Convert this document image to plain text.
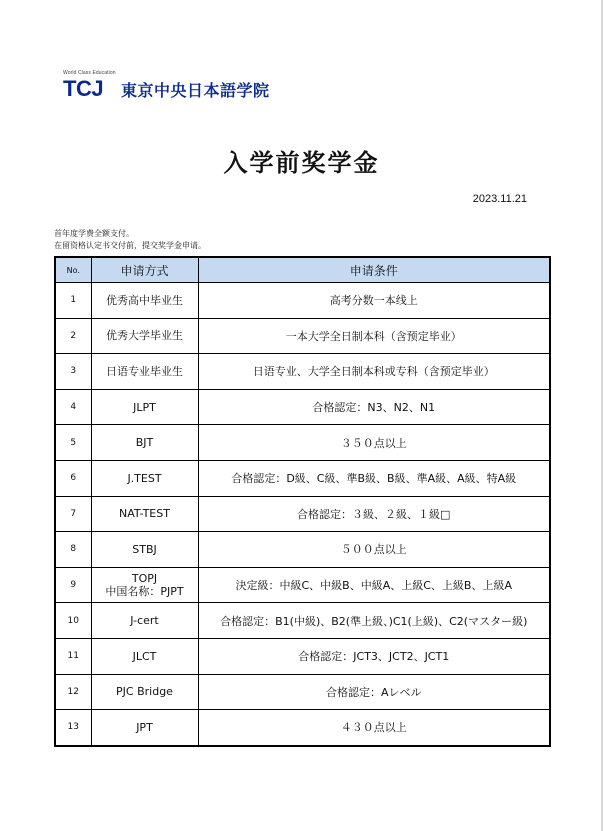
World Class Education
TCJ 東京中央日本語学院
入学前奖学金
2023.11.21
首年度学费全额支付。
在留资格认定书交付前，提交奖学金申请。
No.	申请方式	申请条件
1	优秀高中毕业生	高考分数一本线上
2	优秀大学毕业生	一本大学全日制本科（含预定毕业）
3	日语专业毕业生	日语专业、大学全日制本科或专科（含预定毕业）
4	JLPT	合格認定：N3、N2、N1
5	BJT	３５０点以上
6	J.TEST	合格認定：D級、C級、準B級、B級、準A級、A級、特A級
7	NAT-TEST	合格認定：３級、２級、１級□
8	STBJ	５００点以上
9	TOPJ
中国名称：PJPT	決定級：中級C、中級B、中級A、上級C、上級B、上級A
10	J-cert	合格認定：B1(中級)、B2(準上級、)C1(上級)、C2(マスター級)
11	JLCT	合格認定：JCT3、JCT2、JCT1
12	PJC Bridge	合格認定：Aレベル
13	JPT	４３０点以上
